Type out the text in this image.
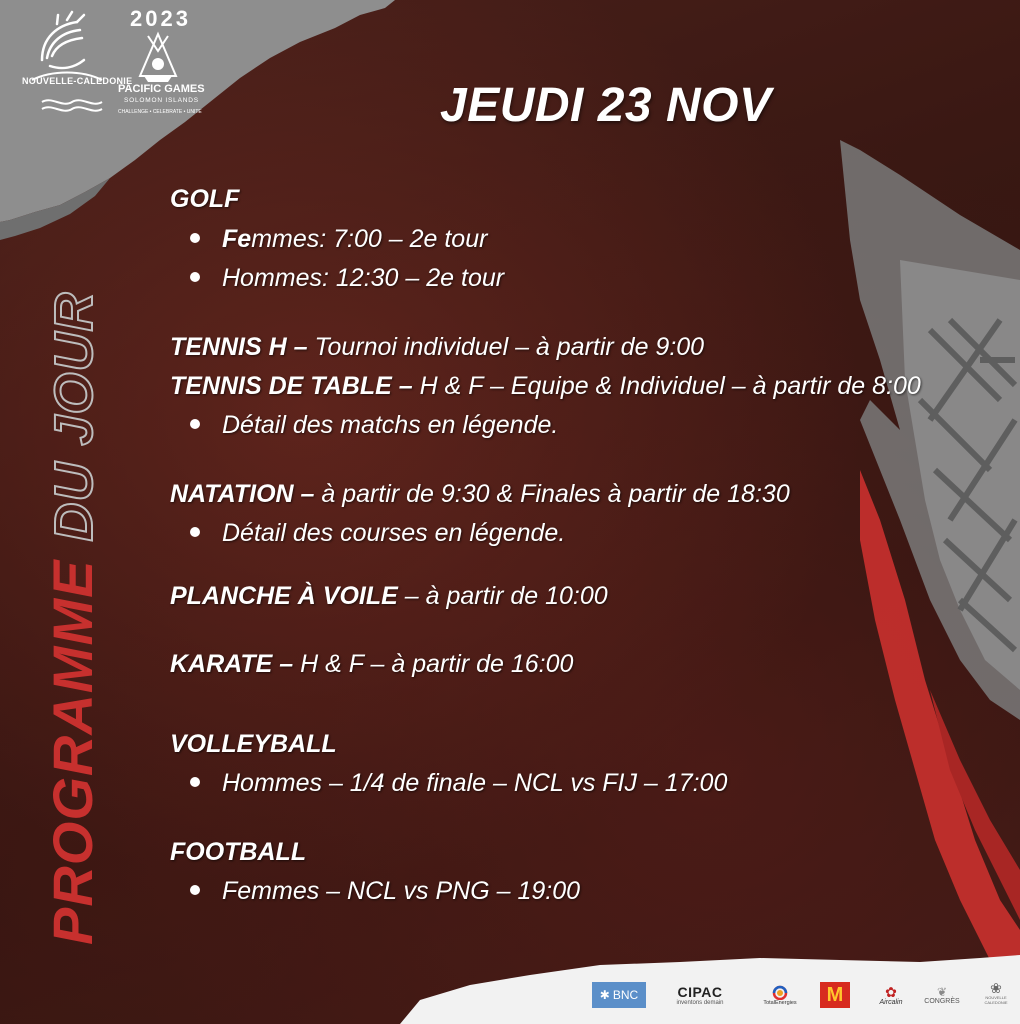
NOUVELLE-CALEDONIE
2023
PACIFIC GAMES
SOLOMON ISLANDS
CHALLENGE • CELEBRATE • UNITE	JEUDI 23 NOV
PROGRAMMEDU JOUR
GOLF
Femmes: 7:00 – 2e tour
Hommes: 12:30 – 2e tour
TENNIS H – Tournoi individuel – à partir de 9:00
TENNIS DE TABLE – H & F – Equipe & Individuel – à partir de 8:00
Détail des matchs en légende.
NATATION – à partir de 9:30 & Finales à partir de 18:30
Détail des courses en légende.
PLANCHE À VOILE – à partir de 10:00
KARATE – H & F – à partir de 16:00
VOLLEYBALL
Hommes – 1/4 de finale – NCL vs FIJ – 17:00
FOOTBALL
Femmes – NCL vs PNG – 19:00
✱ BNC	CIPAC
inventons demain	TotalEnergies M	✿
Aircalin
❦
CONGRÈS
❀
NOUVELLE CALEDONIE
